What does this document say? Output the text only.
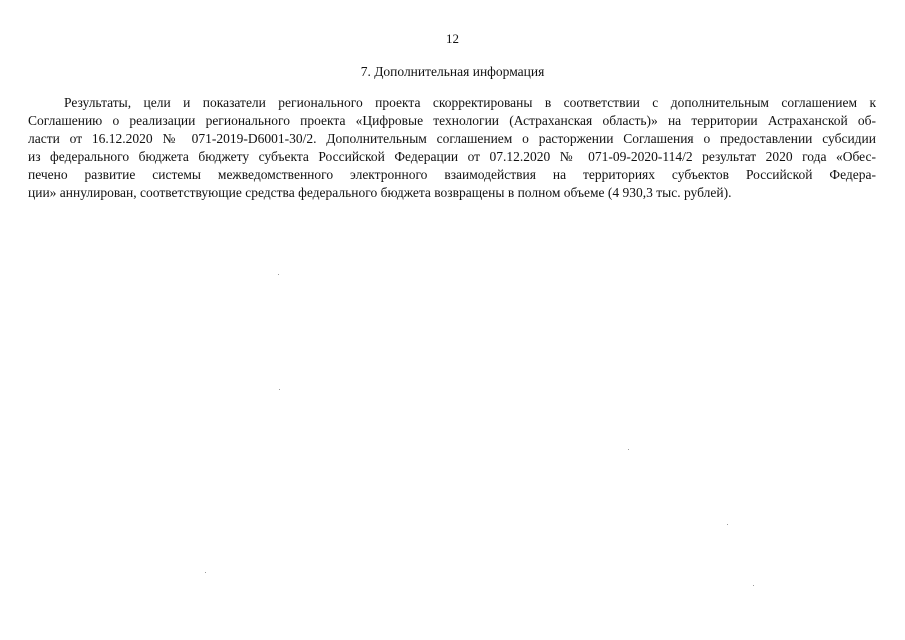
12
7. Дополнительная информация
Результаты, цели и показатели регионального проекта скорректированы в соответствии с дополнительным соглашением к
Соглашению о реализации регионального проекта «Цифровые технологии (Астраханская область)» на территории Астраханской об-
ласти от 16.12.2020 № 071-2019-D6001-30/2. Дополнительным соглашением о расторжении Соглашения о предоставлении субсидии
из федерального бюджета бюджету субъекта Российской Федерации от 07.12.2020 № 071-09-2020-114/2 результат 2020 года «Обес-
печено развитие системы межведомственного электронного взаимодействия на территориях субъектов Российской Федера-
ции» аннулирован, соответствующие средства федерального бюджета возвращены в полном объеме (4 930,3 тыс. рублей).
